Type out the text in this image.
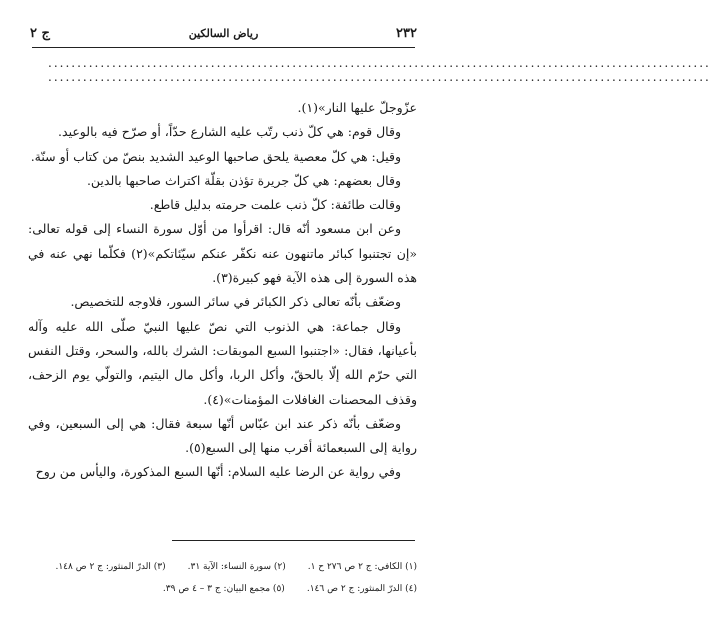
٢٣٢
رياض السالكين
ج ٢
..................................................................................................................
..................................................................................................................

عزّوجلّ عليها النار»(١).

وقال قوم: هي كلّ ذنب رتّب عليه الشارع حدّاً، أو صرّح فيه بالوعيد.

وقيل: هي كلّ معصية يلحق صاحبها الوعيد الشديد بنصّ من كتاب أو سنّة.

وقال بعضهم: هي كلّ جريرة تؤذن بقلّة اكتراث صاحبها بالدين.

وقالت طائفة: كلّ ذنب علمت حرمته بدليل قاطع.

وعن ابن مسعود أنّه قال: اقرأوا من أوّل سورة النساء إلى قوله تعالى: «إن تجتنبوا كبائر ماتنهون عنه نكفّر عنكم سيّئاتكم»(٢) فكلّما نهي عنه في هذه السورة إلى هذه الآية فهو كبيرة(٣).

وضعّف بأنّه تعالى ذكر الكبائر في سائر السور، فلاوجه للتخصيص.

وقال جماعة: هي الذنوب التي نصّ عليها النبيّ صلّى الله عليه وآله بأعيانها، فقال: «اجتنبوا السبع الموبقات: الشرك بالله، والسحر، وقتل النفس التي حرّم الله إلّا بالحقّ، وأكل الربا، وأكل مال اليتيم، والتولّي يوم الزحف، وقذف المحصنات الغافلات المؤمنات»(٤).

وضعّف بأنّه ذكر عند ابن عبّاس أنّها سبعة فقال: هي إلى السبعين، وفي رواية إلى السبعمائة أقرب منها إلى السبع(٥).

وفي رواية عن الرضا عليه السلام: أنّها السبع المذكورة، واليأس من روح

(١) الكافي: ج ٢ ص ٢٧٦ ح ١.
(٢) سورة النساء: الآية ٣١.
(٣) الدرّ المنثور: ج ٢ ص ١٤٨.
(٤) الدرّ المنثور: ج ٢ ص ١٤٦.
(٥) مجمع البيان: ج ٣ – ٤ ص ٣٩.
